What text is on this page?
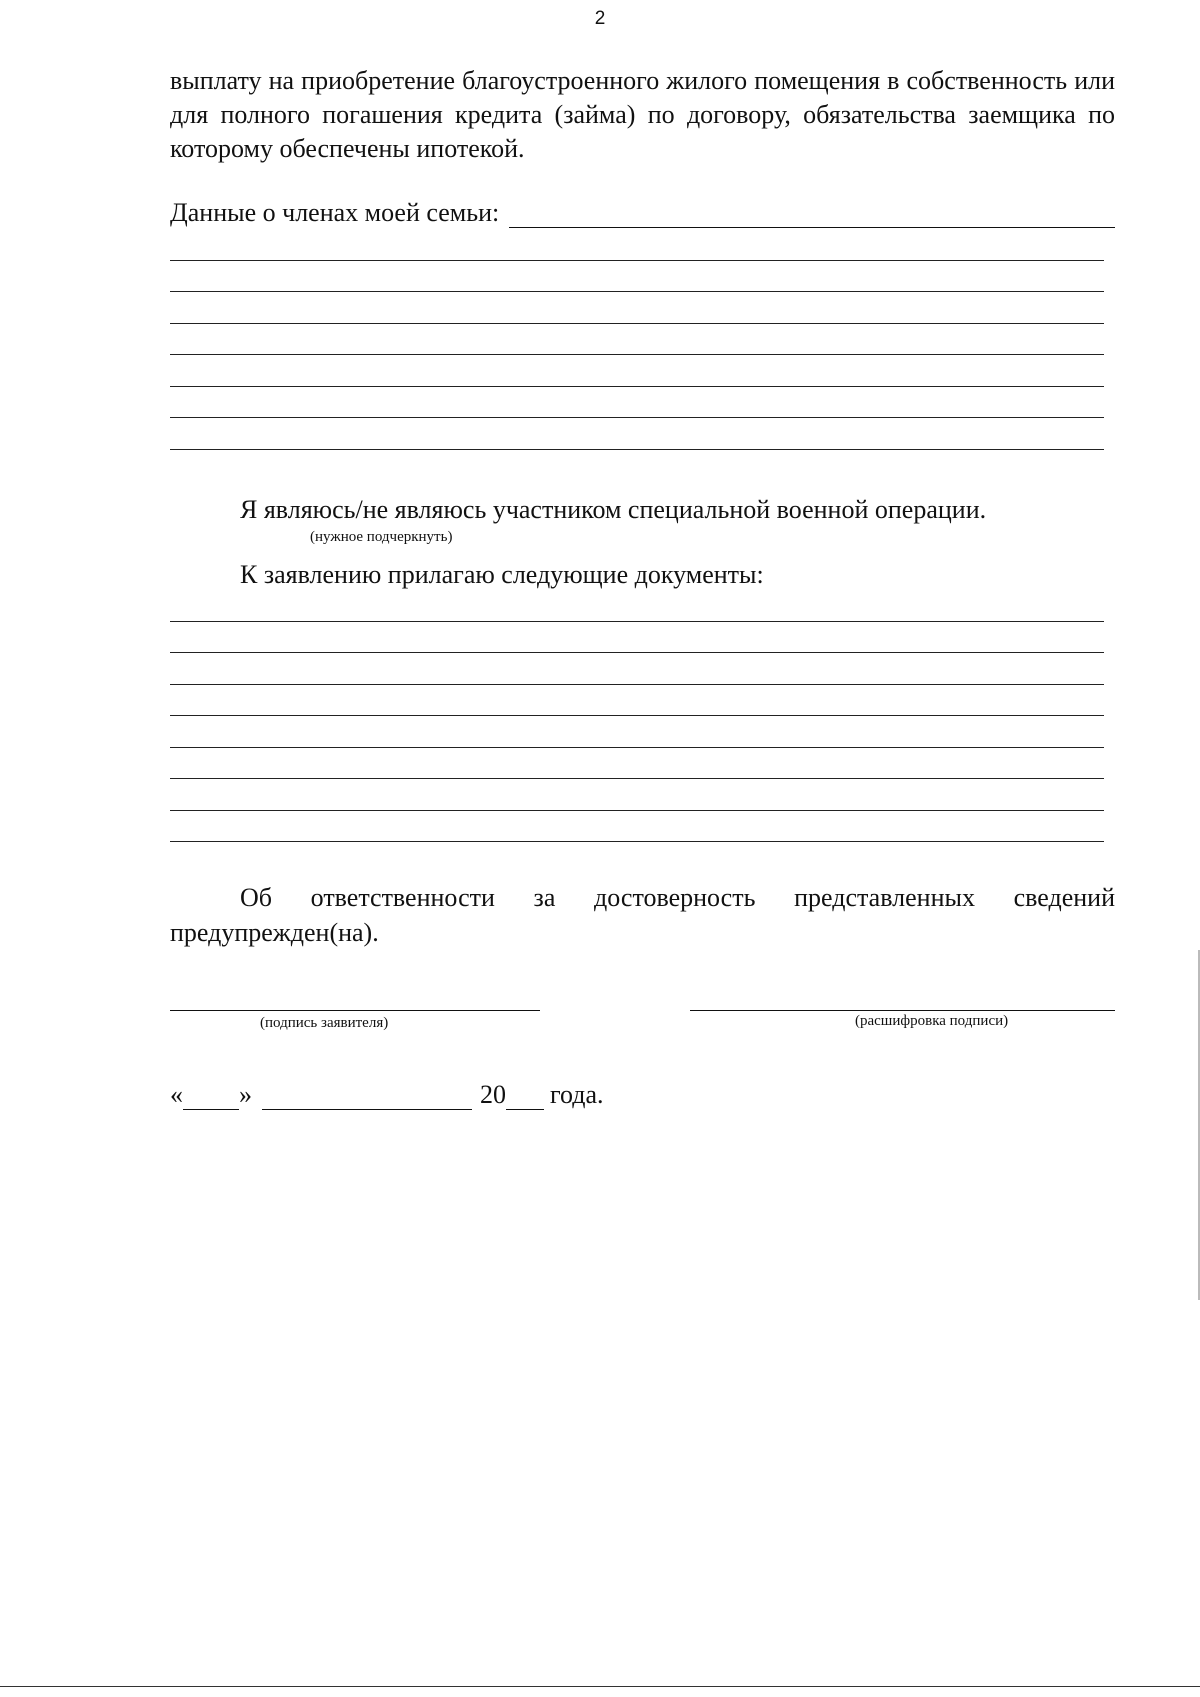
2

выплату на приобретение благоустроенного жилого помещения в собственность или для полного погашения кредита (займа) по договору, обязательства заемщика по которому обеспечены ипотекой.

Данные о членах моей семьи:
Я являюсь/не являюсь участником специальной военной операции.
(нужное подчеркнуть)
К заявлению прилагаю следующие документы:
Об ответственности за достоверность представленных сведений
предупрежден(на).
(подпись заявителя)	(расшифровка подписи)
« »	20 года.
